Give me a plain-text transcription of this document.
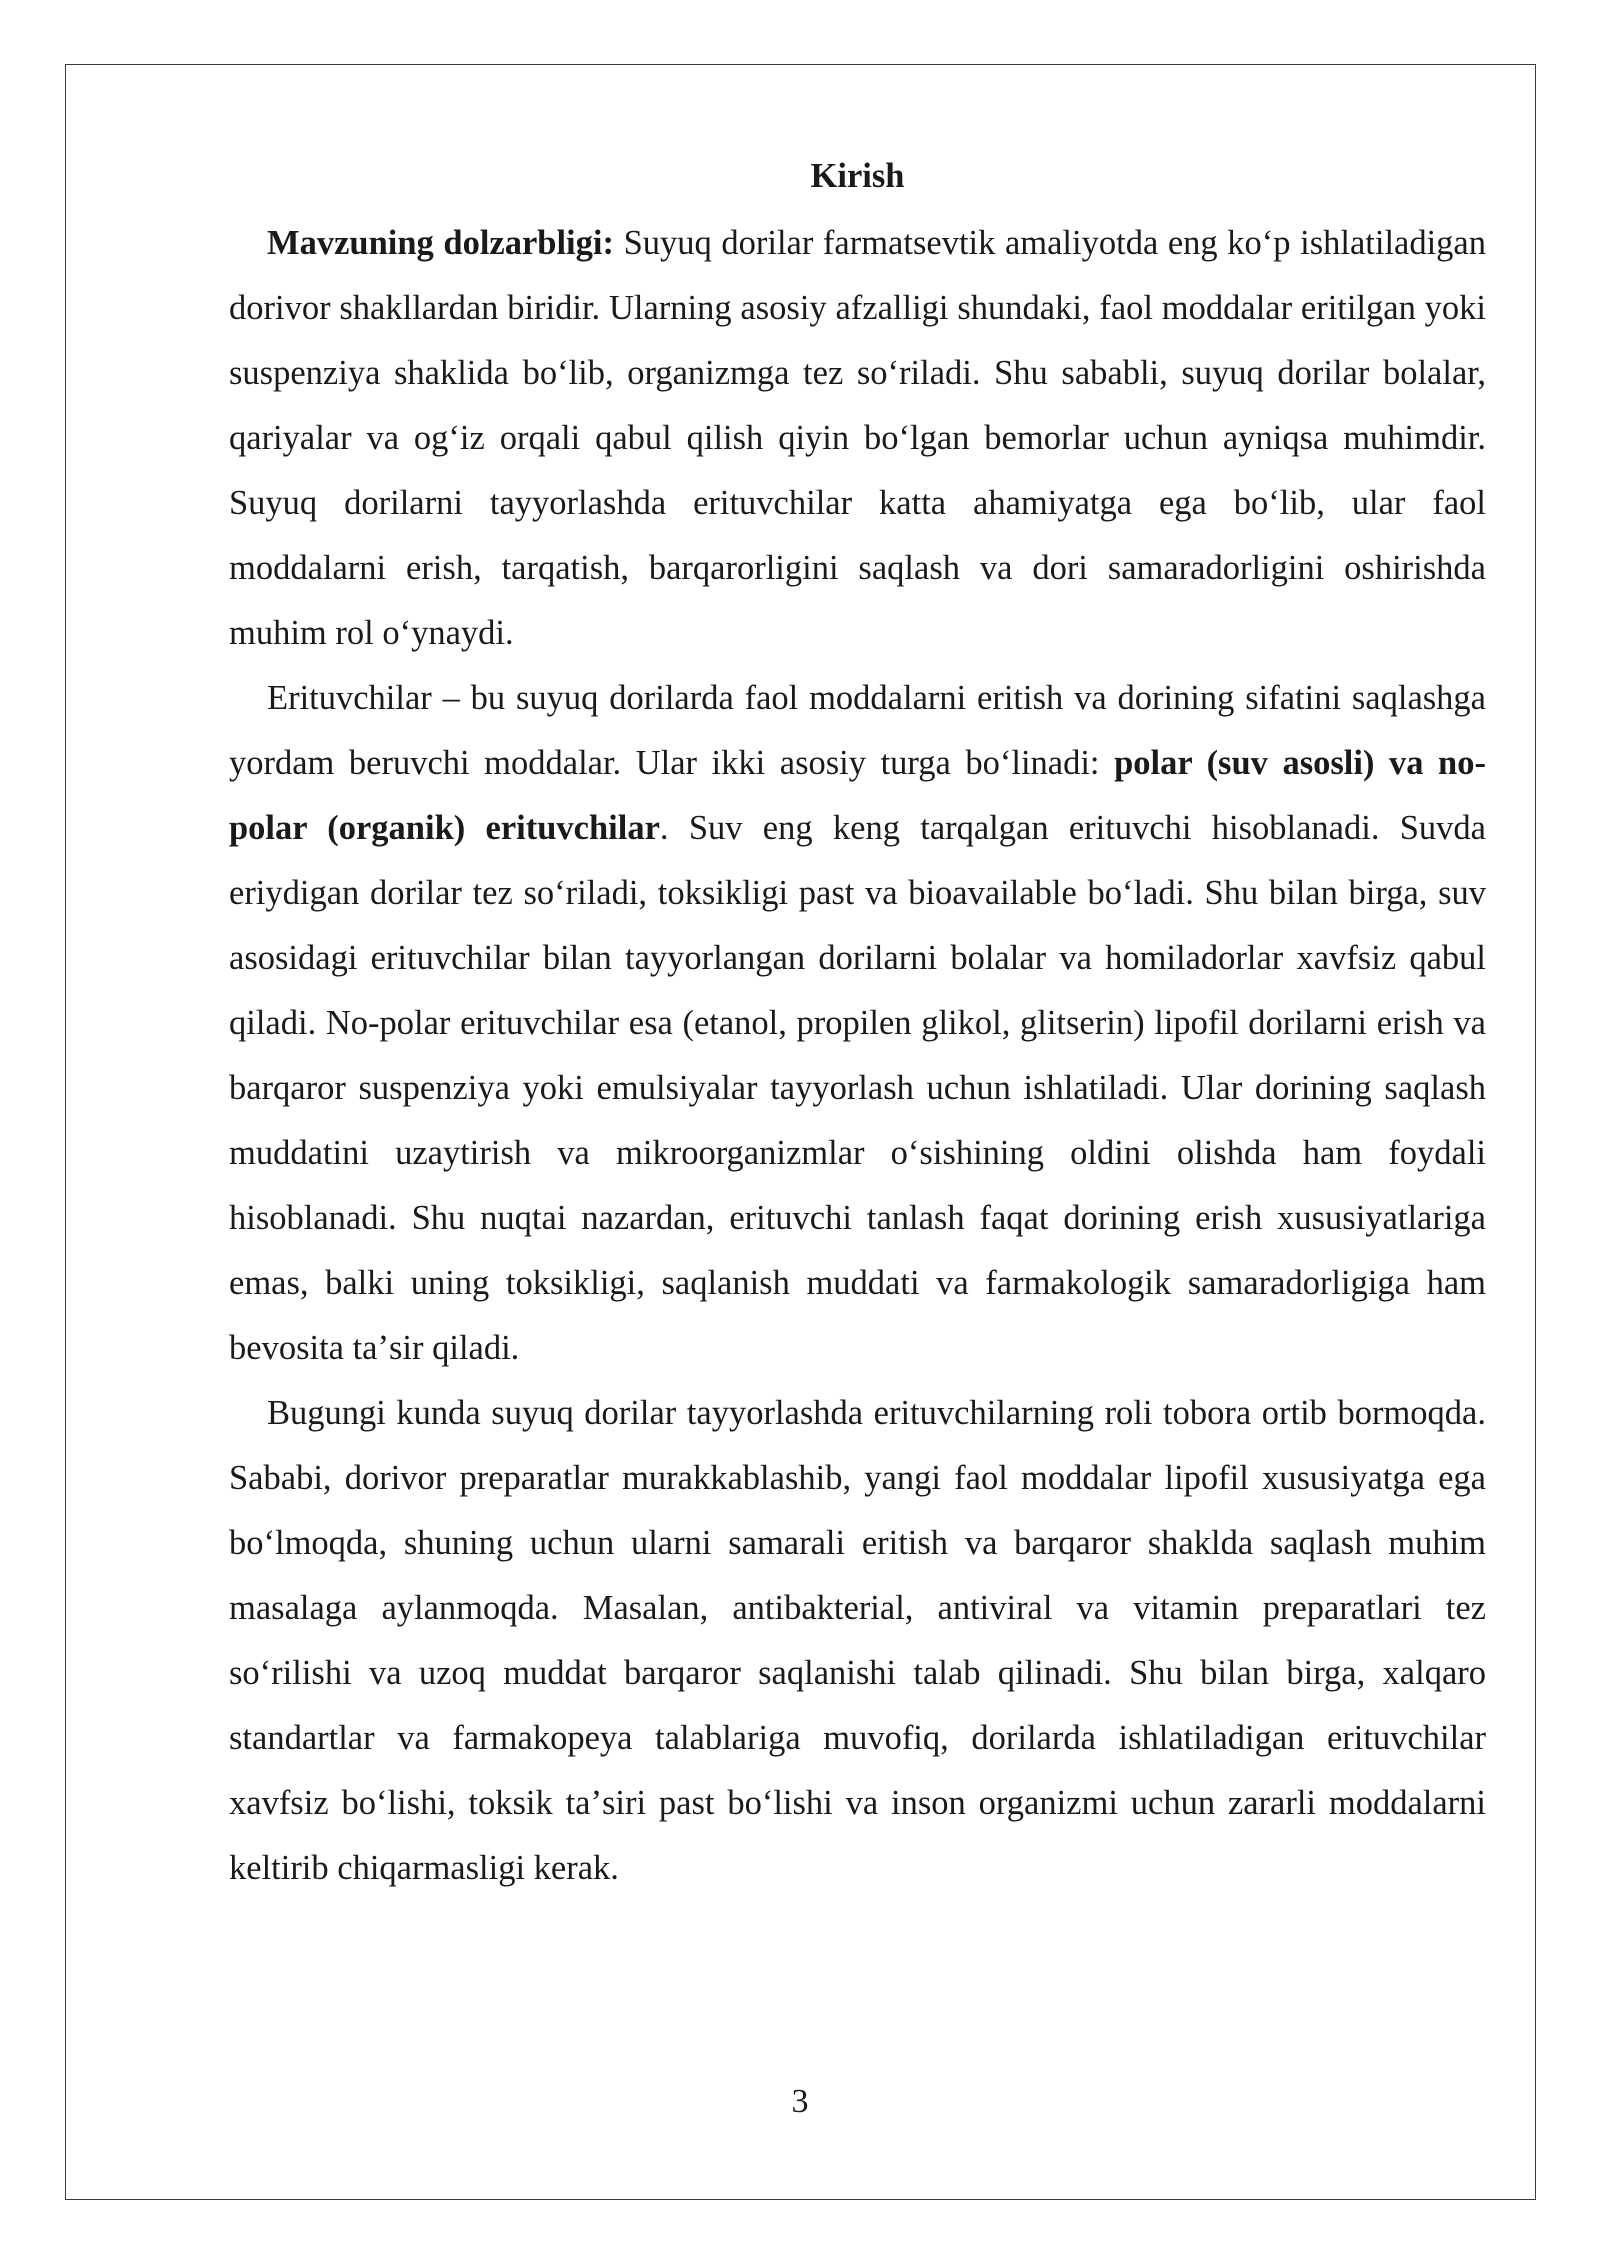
Kirish

Mavzuning dolzarbligi: Suyuq dorilar farmatsevtik amaliyotda eng koʻp ishlatiladigan dorivor shakllardan biridir. Ularning asosiy afzalligi shundaki, faol moddalar eritilgan yoki suspenziya shaklida boʻlib, organizmga tez soʻriladi. Shu sababli, suyuq dorilar bolalar, qariyalar va ogʻiz orqali qabul qilish qiyin boʻlgan bemorlar uchun ayniqsa muhimdir. Suyuq dorilarni tayyorlashda erituvchilar katta ahamiyatga ega boʻlib, ular faol moddalarni erish, tarqatish, barqarorligini saqlash va dori samaradorligini oshirishda muhim rol oʻynaydi.

Erituvchilar – bu suyuq dorilarda faol moddalarni eritish va dorining sifatini saqlashga yordam beruvchi moddalar. Ular ikki asosiy turga boʻlinadi: polar (suv asosli) va no-polar (organik) erituvchilar. Suv eng keng tarqalgan erituvchi hisoblanadi. Suvda eriydigan dorilar tez soʻriladi, toksikligi past va bioavailable boʻladi. Shu bilan birga, suv asosidagi erituvchilar bilan tayyorlangan dorilarni bolalar va homiladorlar xavfsiz qabul qiladi. No-polar erituvchilar esa (etanol, propilen glikol, glitserin) lipofil dorilarni erish va barqaror suspenziya yoki emulsiyalar tayyorlash uchun ishlatiladi. Ular dorining saqlash muddatini uzaytirish va mikroorganizmlar oʻsishining oldini olishda ham foydali hisoblanadi. Shu nuqtai nazardan, erituvchi tanlash faqat dorining erish xususiyatlariga emas, balki uning toksikligi, saqlanish muddati va farmakologik samaradorligiga ham bevosita taʼsir qiladi.

Bugungi kunda suyuq dorilar tayyorlashda erituvchilarning roli tobora ortib bormoqda. Sababi, dorivor preparatlar murakkablashib, yangi faol moddalar lipofil xususiyatga ega boʻlmoqda, shuning uchun ularni samarali eritish va barqaror shaklda saqlash muhim masalaga aylanmoqda. Masalan, antibakterial, antiviral va vitamin preparatlari tez soʻrilishi va uzoq muddat barqaror saqlanishi talab qilinadi. Shu bilan birga, xalqaro standartlar va farmakopeya talablariga muvofiq, dorilarda ishlatiladigan erituvchilar xavfsiz boʻlishi, toksik taʼsiri past boʻlishi va inson organizmi uchun zararli moddalarni keltirib chiqarmasligi kerak.

3
